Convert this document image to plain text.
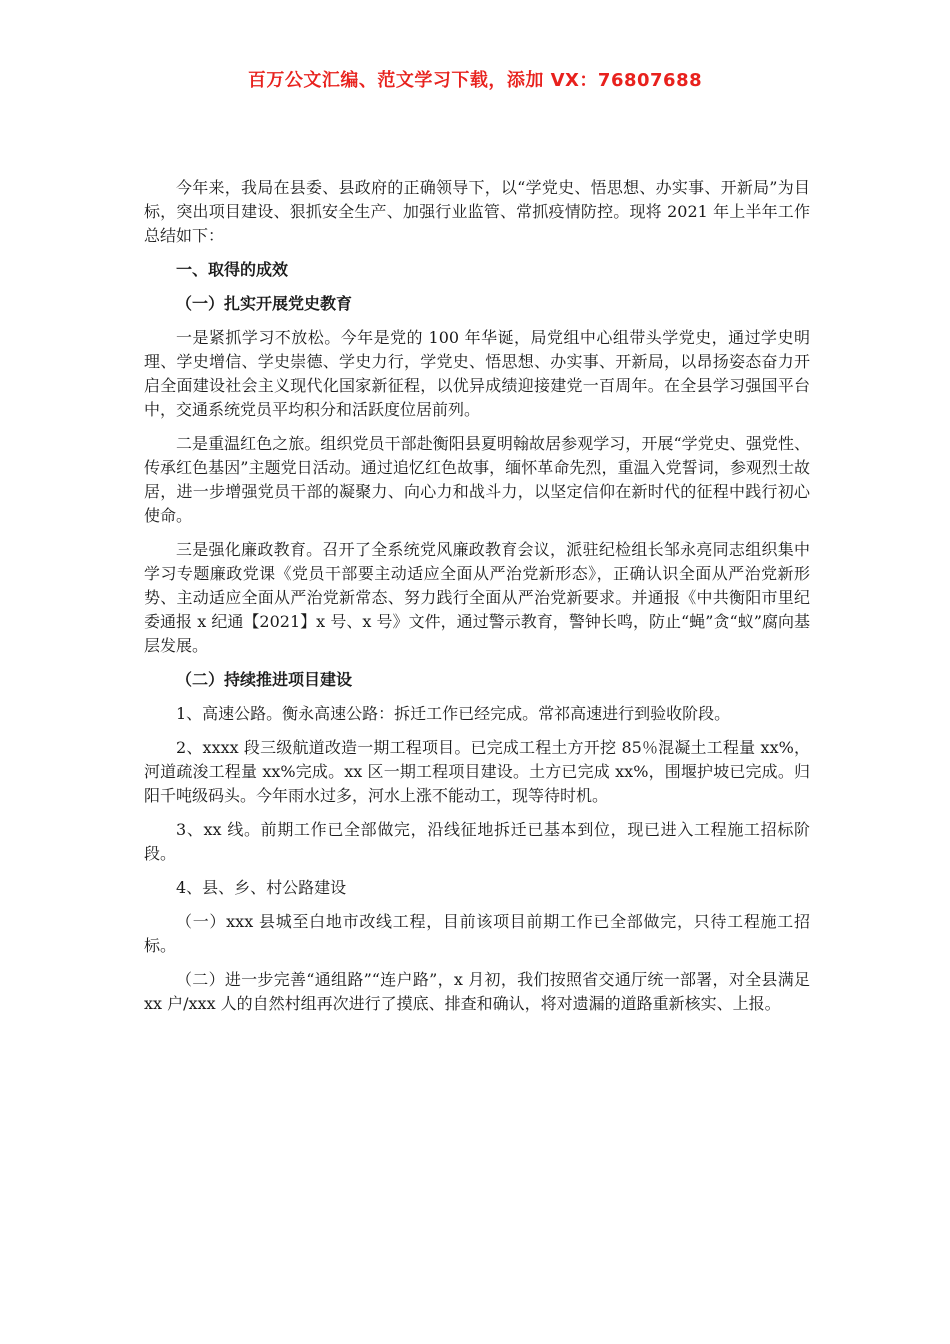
百万公文汇编、范文学习下载，添加 VX：76807688

今年来，我局在县委、县政府的正确领导下，以“学党史、悟思想、办实事、开新局”为目标，突出项目建设、狠抓安全生产、加强行业监管、常抓疫情防控。现将 2021 年上半年工作总结如下：

一、取得的成效
（一）扎实开展党史教育

一是紧抓学习不放松。今年是党的 100 年华诞，局党组中心组带头学党史，通过学史明理、学史增信、学史崇德、学史力行，学党史、悟思想、办实事、开新局，以昂扬姿态奋力开启全面建设社会主义现代化国家新征程，以优异成绩迎接建党一百周年。在全县学习强国平台中，交通系统党员平均积分和活跃度位居前列。

二是重温红色之旅。组织党员干部赴衡阳县夏明翰故居参观学习，开展“学党史、强党性、传承红色基因”主题党日活动。通过追忆红色故事，缅怀革命先烈，重温入党誓词，参观烈士故居，进一步增强党员干部的凝聚力、向心力和战斗力，以坚定信仰在新时代的征程中践行初心使命。

三是强化廉政教育。召开了全系统党风廉政教育会议，派驻纪检组长邹永亮同志组织集中学习专题廉政党课《党员干部要主动适应全面从严治党新形态》，正确认识全面从严治党新形势、主动适应全面从严治党新常态、努力践行全面从严治党新要求。并通报《中共衡阳市里纪委通报 x 纪通【2021】x 号、x 号》文件，通过警示教育，警钟长鸣，防止“蝇”贪“蚁”腐向基层发展。

（二）持续推进项目建设

1、高速公路。衡永高速公路：拆迁工作已经完成。常祁高速进行到验收阶段。

2、xxxx 段三级航道改造一期工程项目。已完成工程土方开挖 85％混凝土工程量 xx%，河道疏浚工程量 xx%完成。xx 区一期工程项目建设。土方已完成 xx%，围堰护坡已完成。归阳千吨级码头。今年雨水过多，河水上涨不能动工，现等待时机。

3、xx 线。前期工作已全部做完，沿线征地拆迁已基本到位，现已进入工程施工招标阶段。

4、县、乡、村公路建设

（一）xxx 县城至白地市改线工程，目前该项目前期工作已全部做完，只待工程施工招标。

（二）进一步完善“通组路”“连户路”，x 月初，我们按照省交通厅统一部署，对全县满足 xx 户/xxx 人的自然村组再次进行了摸底、排查和确认，将对遗漏的道路重新核实、上报。
